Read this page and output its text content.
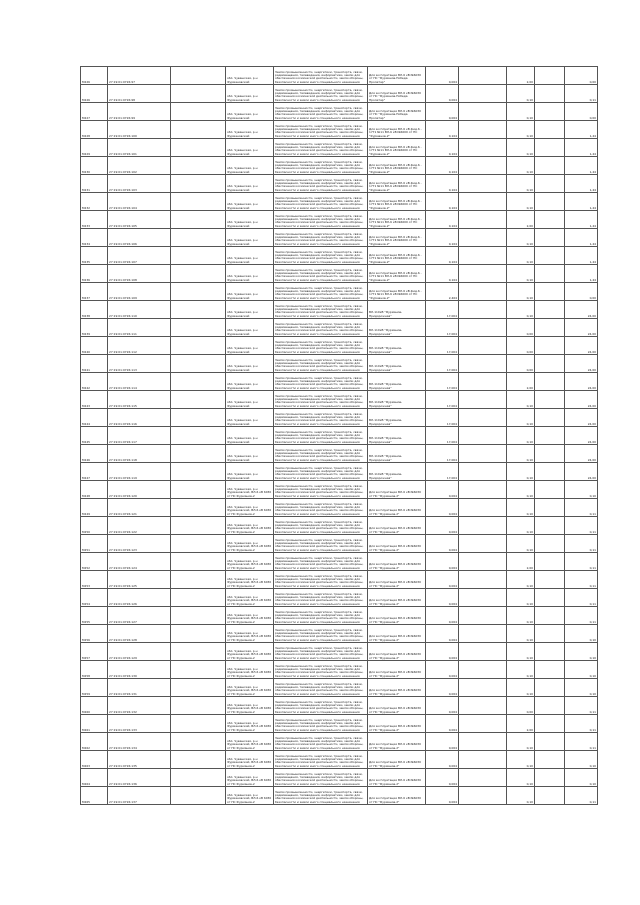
M226	27:19:01:0726:97		обл. Чувашская, р-н Фурмановский	Земли промышленности, энергетики, транспорта, связи, радиовещания, телевидения, информатики, земли для обеспечения космической деятельности, земли обороны, безопасности и земли иного специального назначения	Для эксплуатации ВЛ-6 кВ №6030 от ПС "Фурманов-Победа Пролетар"	0,004		2,00		0,00
M226	27:19:01:0726:98		обл. Чувашская, р-н Фурмановский	Земли промышленности, энергетики, транспорта, связи, радиовещания, телевидения, информатики, земли для обеспечения космической деятельности, земли обороны, безопасности и земли иного специального назначения	Для эксплуатации ВЛ-6 кВ №6030 от ПС "Фурманов-Победа Пролетар"	0,004		0,10		0,11
M227	27:19:01:0726:99		обл. Чувашская, р-н Фурмановский	Земли промышленности, энергетики, транспорта, связи, радиовещания, телевидения, информатики, земли для обеспечения космической деятельности, земли обороны, безопасности и земли иного специального назначения	Для эксплуатации ВЛ-6 кВ №6030 от ПС "Фурманов-Победа Пролетар"	0,004		0,10		0,00
M228	27:19:01:0726:100		обл. Чувашская, р-н Фурмановский	Земли промышленности, энергетики, транспорта, связи, радиовещания, телевидения, информатики, земли для обеспечения космической деятельности, земли обороны, безопасности и земли иного специального назначения	Для эксплуатации ВЛ-6 кВ фид.6 - 1771 №11 ВЛ-6 кВ №6000 от ПС "Фурманов-2"	0,104		0,10		1,44
M229	27:19:01:0726:101		обл. Чувашская, р-н Фурмановский	Земли промышленности, энергетики, транспорта, связи, радиовещания, телевидения, информатики, земли для обеспечения космической деятельности, земли обороны, безопасности и земли иного специального назначения	Для эксплуатации ВЛ-6 кВ фид.6 - 1771 №11 ВЛ-6 кВ №6000 от ПС "Фурманов-2"	0,104		0,10		1,44
M230	27:19:01:0726:102		обл. Чувашская, р-н Фурмановский	Земли промышленности, энергетики, транспорта, связи, радиовещания, телевидения, информатики, земли для обеспечения космической деятельности, земли обороны, безопасности и земли иного специального назначения	Для эксплуатации ВЛ-6 кВ фид.6 - 1771 №11 ВЛ-6 кВ №6000 от ПС "Фурманов-2"	0,104		0,10		1,44
M231	27:19:01:0726:103		обл. Чувашская, р-н Фурмановский	Земли промышленности, энергетики, транспорта, связи, радиовещания, телевидения, информатики, земли для обеспечения космической деятельности, земли обороны, безопасности и земли иного специального назначения	Для эксплуатации ВЛ-6 кВ фид.6 - 1771 №11 ВЛ-6 кВ №6000 от ПС "Фурманов-2"	0,104		0,10		1,44
M232	27:19:01:0726:104		обл. Чувашская, р-н Фурмановский	Земли промышленности, энергетики, транспорта, связи, радиовещания, телевидения, информатики, земли для обеспечения космической деятельности, земли обороны, безопасности и земли иного специального назначения	Для эксплуатации ВЛ-6 кВ фид.6 - 1771 №11 ВЛ-6 кВ №6000 от ПС "Фурманов-2"	0,104		0,10		1,44
M233	27:19:01:0726:105		обл. Чувашская, р-н Фурмановский	Земли промышленности, энергетики, транспорта, связи, радиовещания, телевидения, информатики, земли для обеспечения космической деятельности, земли обороны, безопасности и земли иного специального назначения	Для эксплуатации ВЛ-6 кВ фид.6 - 1771 №11 ВЛ-6 кВ №6000 от ПС "Фурманов-2"	0,104		2,00		1,44
M234	27:19:01:0726:106		обл. Чувашская, р-н Фурмановский	Земли промышленности, энергетики, транспорта, связи, радиовещания, телевидения, информатики, земли для обеспечения космической деятельности, земли обороны, безопасности и земли иного специального назначения	Для эксплуатации ВЛ-6 кВ фид.6 - 1771 №11 ВЛ-6 кВ №6000 от ПС "Фурманов-2"	0,104		0,10		1,44
M235	27:19:01:0726:107		обл. Чувашская, р-н Фурмановский	Земли промышленности, энергетики, транспорта, связи, радиовещания, телевидения, информатики, земли для обеспечения космической деятельности, земли обороны, безопасности и земли иного специального назначения	Для эксплуатации ВЛ-6 кВ фид.6 - 1771 №11 ВЛ-6 кВ №6000 от ПС "Фурманов-2"	0,104		0,10		1,44
M236	27:19:01:0726:108		обл. Чувашская, р-н Фурмановский	Земли промышленности, энергетики, транспорта, связи, радиовещания, телевидения, информатики, земли для обеспечения космической деятельности, земли обороны, безопасности и земли иного специального назначения	Для эксплуатации ВЛ-6 кВ фид.6 - 1771 №11 ВЛ-6 кВ №6000 от ПС "Фурманов-2"	0,104		0,10		1,44
M237	27:19:01:0726:109		обл. Чувашская, р-н Фурмановский	Земли промышленности, энергетики, транспорта, связи, радиовещания, телевидения, информатики, земли для обеспечения космической деятельности, земли обороны, безопасности и земли иного специального назначения	Для эксплуатации ВЛ-6 кВ фид.6 - 1771 №11 ВЛ-6 кВ №6000 от ПС "Фурманов-2"	2,404		0,10		0,00
M238	27:19:01:0726:110		обл. Чувашская, р-н Фурмановский	Земли промышленности, энергетики, транспорта, связи, радиовещания, телевидения, информатики, земли для обеспечения космической деятельности, земли обороны, безопасности и земли иного специального назначения	ВЛ-110кВ "Фурманов-Придорожная"	17,004		0,10		24,00
M239	27:19:01:0726:111		обл. Чувашская, р-н Фурмановский	Земли промышленности, энергетики, транспорта, связи, радиовещания, телевидения, информатики, земли для обеспечения космической деятельности, земли обороны, безопасности и земли иного специального назначения	ВЛ-110кВ "Фурманов-Придорожная"	17,004		0,00		24,00
M240	27:19:01:0726:112		обл. Чувашская, р-н Фурмановский	Земли промышленности, энергетики, транспорта, связи, радиовещания, телевидения, информатики, земли для обеспечения космической деятельности, земли обороны, безопасности и земли иного специального назначения	ВЛ-110кВ "Фурманов-Придорожная"	17,004		0,00		24,00
M241	27:19:01:0726:113		обл. Чувашская, р-н Фурмановский	Земли промышленности, энергетики, транспорта, связи, радиовещания, телевидения, информатики, земли для обеспечения космической деятельности, земли обороны, безопасности и земли иного специального назначения	ВЛ-110кВ "Фурманов-Придорожная"	17,004		0,00		24,00
M242	27:19:01:0726:114		обл. Чувашская, р-н Фурмановский	Земли промышленности, энергетики, транспорта, связи, радиовещания, телевидения, информатики, земли для обеспечения космической деятельности, земли обороны, безопасности и земли иного специального назначения	ВЛ-110кВ "Фурманов-Придорожная"	17,004		2,00		24,00
M243	27:19:01:0726:115		обл. Чувашская, р-н Фурмановский	Земли промышленности, энергетики, транспорта, связи, радиовещания, телевидения, информатики, земли для обеспечения космической деятельности, земли обороны, безопасности и земли иного специального назначения	ВЛ-110кВ "Фурманов-Придорожная"	17,004		0,10		24,00
M244	27:19:01:0726:116		обл. Чувашская, р-н Фурмановский	Земли промышленности, энергетики, транспорта, связи, радиовещания, телевидения, информатики, земли для обеспечения космической деятельности, земли обороны, безопасности и земли иного специального назначения	ВЛ-110кВ "Фурманов-Придорожная"	17,004		0,10		24,00
M245	27:19:01:0726:117		обл. Чувашская, р-н Фурмановский	Земли промышленности, энергетики, транспорта, связи, радиовещания, телевидения, информатики, земли для обеспечения космической деятельности, земли обороны, безопасности и земли иного специального назначения	ВЛ-110кВ "Фурманов-Придорожная"	17,004		0,10		24,00
M246	27:19:01:0726:118		обл. Чувашская, р-н Фурмановский	Земли промышленности, энергетики, транспорта, связи, радиовещания, телевидения, информатики, земли для обеспечения космической деятельности, земли обороны, безопасности и земли иного специального назначения	ВЛ-110кВ "Фурманов-Придорожная"	17,004		0,10		24,00
M247	27:19:01:0726:119		обл. Чувашская, р-н Фурмановский	Земли промышленности, энергетики, транспорта, связи, радиовещания, телевидения, информатики, земли для обеспечения космической деятельности, земли обороны, безопасности и земли иного специального назначения	ВЛ-110кВ "Фурманов-Придорожная"	17,004		0,10		24,00
M248	27:19:01:0726:120		обл. Чувашская, р-н Фурмановский, ВЛ-6 кВ 6030 от ПС Фурманов-2	Земли промышленности, энергетики, транспорта, связи, радиовещания, телевидения, информатики, земли для обеспечения космической деятельности, земли обороны, безопасности и земли иного специального назначения	Для эксплуатации ВЛ-6 кВ №6030 от ПС "Фурманов-2"	0,004		0,10		0,10
M249	27:19:01:0726:121		обл. Чувашская, р-н Фурмановский, ВЛ-6 кВ 6030 от ПС Фурманов-2	Земли промышленности, энергетики, транспорта, связи, радиовещания, телевидения, информатики, земли для обеспечения космической деятельности, земли обороны, безопасности и земли иного специального назначения	Для эксплуатации ВЛ-6 кВ №6030 от ПС "Фурманов-2"	0,004		0,10		0,11
M250	27:19:01:0726:122		обл. Чувашская, р-н Фурмановский, ВЛ-6 кВ 6030 от ПС Фурманов-2	Земли промышленности, энергетики, транспорта, связи, радиовещания, телевидения, информатики, земли для обеспечения космической деятельности, земли обороны, безопасности и земли иного специального назначения	Для эксплуатации ВЛ-6 кВ №6030 от ПС "Фурманов-2"	0,004		0,10		0,11
M251	27:19:01:0726:123		обл. Чувашская, р-н Фурмановский, ВЛ-6 кВ 6030 от ПС Фурманов-2	Земли промышленности, энергетики, транспорта, связи, радиовещания, телевидения, информатики, земли для обеспечения космической деятельности, земли обороны, безопасности и земли иного специального назначения	Для эксплуатации ВЛ-6 кВ №6030 от ПС "Фурманов-2"	0,004		0,10		0,11
M252	27:19:01:0726:124		обл. Чувашская, р-н Фурмановский, ВЛ-6 кВ 6030 от ПС Фурманов-2	Земли промышленности, энергетики, транспорта, связи, радиовещания, телевидения, информатики, земли для обеспечения космической деятельности, земли обороны, безопасности и земли иного специального назначения	Для эксплуатации ВЛ-6 кВ №6030 от ПС "Фурманов-2"	0,004		2,00		0,11
M253	27:19:01:0726:125		обл. Чувашская, р-н Фурмановский, ВЛ-6 кВ 6030 от ПС Фурманов-2	Земли промышленности, энергетики, транспорта, связи, радиовещания, телевидения, информатики, земли для обеспечения космической деятельности, земли обороны, безопасности и земли иного специального назначения	Для эксплуатации ВЛ-6 кВ №6030 от ПС "Фурманов-2"	0,004		0,10		0,11
M254	27:19:01:0726:126		обл. Чувашская, р-н Фурмановский, ВЛ-6 кВ 6030 от ПС Фурманов-2	Земли промышленности, энергетики, транспорта, связи, радиовещания, телевидения, информатики, земли для обеспечения космической деятельности, земли обороны, безопасности и земли иного специального назначения	Для эксплуатации ВЛ-6 кВ №6030 от ПС "Фурманов-2"	0,004		0,10		0,11
M255	27:19:01:0726:127		обл. Чувашская, р-н Фурмановский, ВЛ-6 кВ 6030 от ПС Фурманов-2	Земли промышленности, энергетики, транспорта, связи, радиовещания, телевидения, информатики, земли для обеспечения космической деятельности, земли обороны, безопасности и земли иного специального назначения	Для эксплуатации ВЛ-6 кВ №6030 от ПС "Фурманов-2"	0,004		0,10		0,11
M256	27:19:01:0726:128		обл. Чувашская, р-н Фурмановский, ВЛ-6 кВ 6030 от ПС Фурманов-2	Земли промышленности, энергетики, транспорта, связи, радиовещания, телевидения, информатики, земли для обеспечения космической деятельности, земли обороны, безопасности и земли иного специального назначения	Для эксплуатации ВЛ-6 кВ №6030 от ПС "Фурманов-2"	0,004		0,10		0,10
M257	27:19:01:0726:129		обл. Чувашская, р-н Фурмановский, ВЛ-6 кВ 6030 от ПС Фурманов-2	Земли промышленности, энергетики, транспорта, связи, радиовещания, телевидения, информатики, земли для обеспечения космической деятельности, земли обороны, безопасности и земли иного специального назначения	Для эксплуатации ВЛ-6 кВ №6030 от ПС "Фурманов-2"	0,004		0,10		0,10
M258	27:19:01:0726:130		обл. Чувашская, р-н Фурмановский, ВЛ-6 кВ 6030 от ПС Фурманов-2	Земли промышленности, энергетики, транспорта, связи, радиовещания, телевидения, информатики, земли для обеспечения космической деятельности, земли обороны, безопасности и земли иного специального назначения	Для эксплуатации ВЛ-6 кВ №6030 от ПС "Фурманов-2"	0,004		0,10		0,10
M259	27:19:01:0726:131		обл. Чувашская, р-н Фурмановский, ВЛ-6 кВ 6030 от ПС Фурманов-2	Земли промышленности, энергетики, транспорта, связи, радиовещания, телевидения, информатики, земли для обеспечения космической деятельности, земли обороны, безопасности и земли иного специального назначения	Для эксплуатации ВЛ-6 кВ №6030 от ПС "Фурманов-2"	0,004		0,10		0,10
M260	27:19:01:0726:132		обл. Чувашская, р-н Фурмановский, ВЛ-6 кВ 6030 от ПС Фурманов-2	Земли промышленности, энергетики, транспорта, связи, радиовещания, телевидения, информатики, земли для обеспечения космической деятельности, земли обороны, безопасности и земли иного специального назначения	Для эксплуатации ВЛ-6 кВ №6030 от ПС "Фурманов-2"	0,004		0,00		0,11
M261	27:19:01:0726:133		обл. Чувашская, р-н Фурмановский, ВЛ-6 кВ 6030 от ПС Фурманов-2	Земли промышленности, энергетики, транспорта, связи, радиовещания, телевидения, информатики, земли для обеспечения космической деятельности, земли обороны, безопасности и земли иного специального назначения	Для эксплуатации ВЛ-6 кВ №6030 от ПС "Фурманов-2"	0,004		2,00		0,11
M262	27:19:01:0726:134		обл. Чувашская, р-н Фурмановский, ВЛ-6 кВ 6030 от ПС Фурманов-2	Земли промышленности, энергетики, транспорта, связи, радиовещания, телевидения, информатики, земли для обеспечения космической деятельности, земли обороны, безопасности и земли иного специального назначения	Для эксплуатации ВЛ-6 кВ №6030 от ПС "Фурманов-2"	0,004		0,10		0,11
M263	27:19:01:0726:135		обл. Чувашская, р-н Фурмановский, ВЛ-6 кВ 6030 от ПС Фурманов-2	Земли промышленности, энергетики, транспорта, связи, радиовещания, телевидения, информатики, земли для обеспечения космической деятельности, земли обороны, безопасности и земли иного специального назначения	Для эксплуатации ВЛ-6 кВ №6030 от ПС "Фурманов-2"	0,004		0,10		0,10
M264	27:19:01:0726:136		обл. Чувашская, р-н Фурмановский, ВЛ-6 кВ 6030 от ПС Фурманов-2	Земли промышленности, энергетики, транспорта, связи, радиовещания, телевидения, информатики, земли для обеспечения космической деятельности, земли обороны, безопасности и земли иного специального назначения	Для эксплуатации ВЛ-6 кВ №6030 от ПС "Фурманов-2"	0,004		0,10		0,10
M265	27:19:01:0726:137		обл. Чувашская, р-н Фурмановский, ВЛ-6 кВ 6030 от ПС Фурманов-2	Земли промышленности, энергетики, транспорта, связи, радиовещания, телевидения, информатики, земли для обеспечения космической деятельности, земли обороны, безопасности и земли иного специального назначения	Для эксплуатации ВЛ-6 кВ №6030 от ПС "Фурманов-2"	0,004		0,10		0,11
